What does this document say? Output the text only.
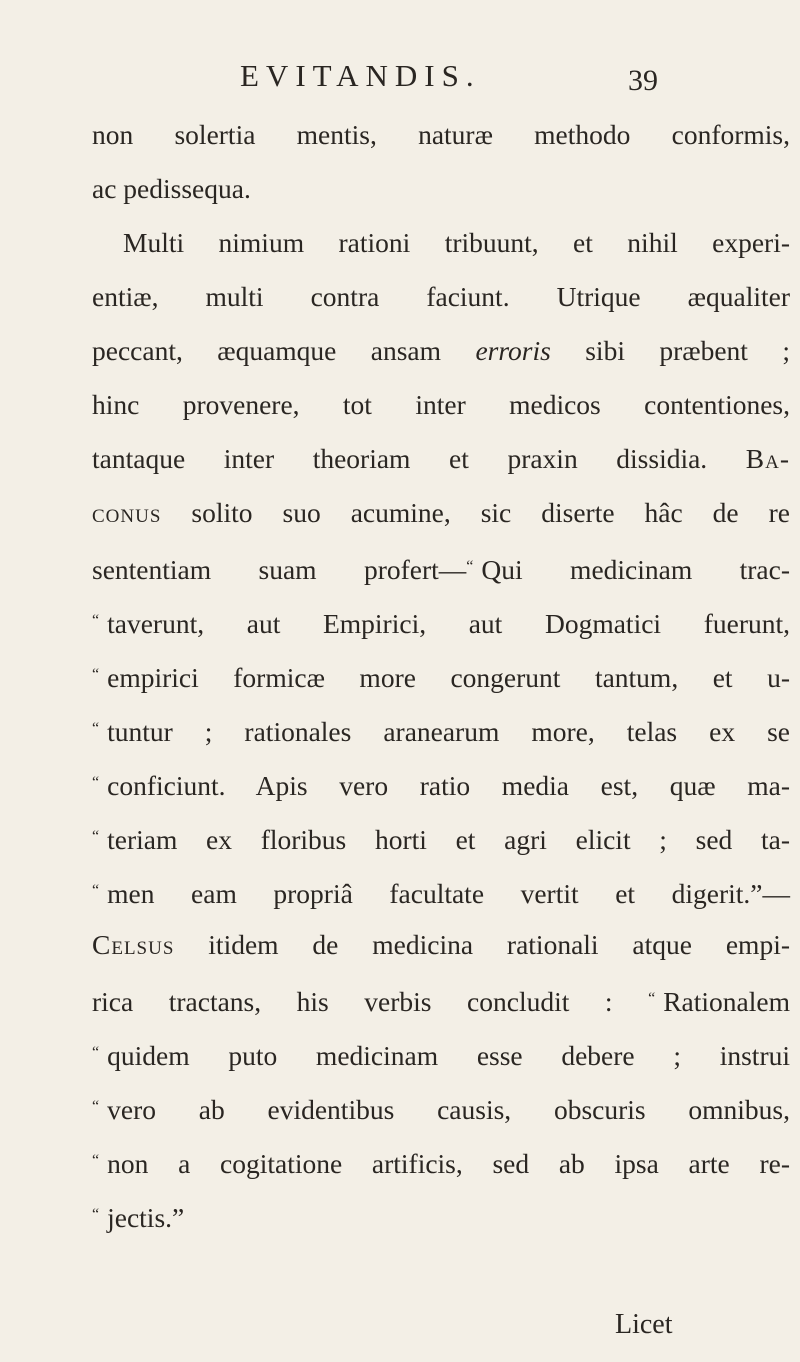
EVITANDIS.	39
non solertia mentis, naturæ methodo conformis,
ac pedissequa.
Multi nimium rationi tribuunt, et nihil experi-
entiæ, multi contra faciunt. Utrique æqualiter
peccant, æquamque ansam erroris sibi præbent ;
hinc provenere, tot inter medicos contentiones,
tantaque inter theoriam et praxin dissidia. Ba-
conus solito suo acumine, sic diserte hâc de re
sententiam suam profert—“ Qui medicinam trac-
“ taverunt, aut Empirici, aut Dogmatici fuerunt,
“ empirici formicæ more congerunt tantum, et u-
“ tuntur ; rationales aranearum more, telas ex se
“ conficiunt. Apis vero ratio media est, quæ ma-
“ teriam ex floribus horti et agri elicit ; sed ta-
“ men eam propriâ facultate vertit et digerit.”—
Celsus itidem de medicina rationali atque empi-
rica tractans, his verbis concludit : “ Rationalem
“ quidem puto medicinam esse debere ; instrui
“ vero ab evidentibus causis, obscuris omnibus,
“ non a cogitatione artificis, sed ab ipsa arte re-
“ jectis.”
Licet
